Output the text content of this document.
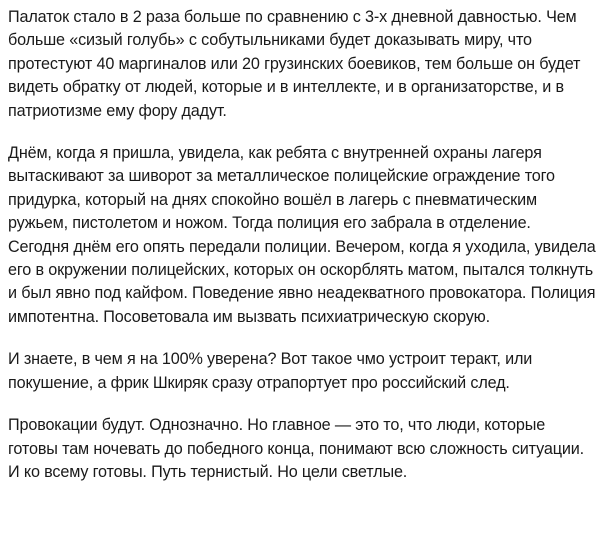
Палаток стало в 2 раза больше по сравнению с 3-х дневной давностью. Чем больше «сизый голубь» с собутыльниками будет доказывать миру, что протестуют 40 маргиналов или 20 грузинских боевиков, тем больше он будет видеть обратку от людей, которые и в интеллекте, и в организаторстве, и в патриотизме ему фору дадут.

Днём, когда я пришла, увидела, как ребята с внутренней охраны лагеря вытаскивают за шиворот за металлическое полицейские ограждение того придурка, который на днях спокойно вошёл в лагерь с пневматическим ружьем, пистолетом и ножом. Тогда полиция его забрала в отделение. Сегодня днём его опять передали полиции. Вечером, когда я уходила, увидела его в окружении полицейских, которых он оскорблять матом, пытался толкнуть и был явно под кайфом. Поведение явно неадекватного провокатора. Полиция импотентна. Посоветовала им вызвать психиатрическую скорую.

И знаете, в чем я на 100% уверена? Вот такое чмо устроит теракт, или покушение, а фрик Шкиряк сразу отрапортует про российский след.

Провокации будут. Однозначно. Но главное — это то, что люди, которые готовы там ночевать до победного конца, понимают всю сложность ситуации. И ко всему готовы. Путь тернистый. Но цели светлые.
